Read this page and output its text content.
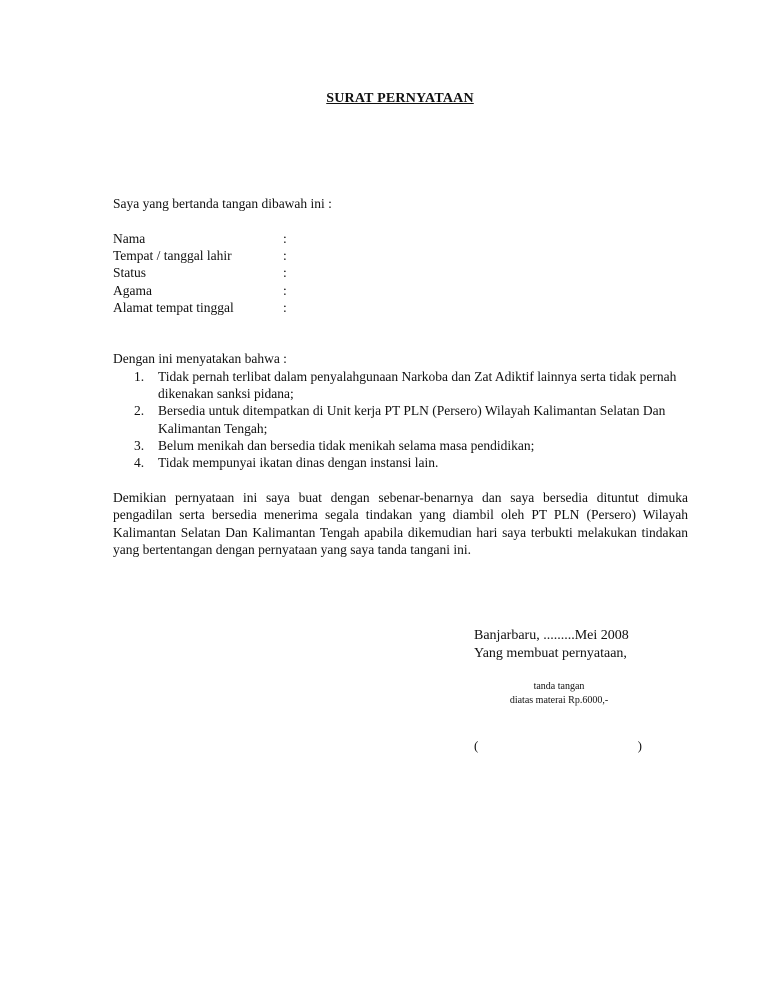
SURAT PERNYATAAN
Saya yang bertanda tangan dibawah ini :
Nama	:
Tempat / tanggal lahir	:
Status	:
Agama	:
Alamat tempat tinggal	:
Dengan ini menyatakan bahwa :
1. Tidak pernah terlibat dalam penyalahgunaan Narkoba dan Zat Adiktif lainnya serta tidak pernah dikenakan sanksi pidana;
2. Bersedia untuk ditempatkan di Unit kerja PT PLN (Persero) Wilayah Kalimantan Selatan Dan Kalimantan Tengah;
3. Belum menikah dan bersedia tidak menikah selama masa pendidikan;
4. Tidak mempunyai ikatan dinas dengan instansi lain.
Demikian pernyataan ini saya buat dengan sebenar-benarnya dan saya bersedia dituntut dimuka pengadilan serta bersedia menerima segala tindakan yang diambil oleh PT PLN (Persero) Wilayah Kalimantan Selatan Dan Kalimantan Tengah apabila dikemudian hari saya terbukti melakukan tindakan yang bertentangan dengan pernyataan yang saya tanda tangani ini.
Banjarbaru, .........Mei 2008
Yang membuat pernyataan,
tanda tangan
diatas materai Rp.6000,-
(	)
